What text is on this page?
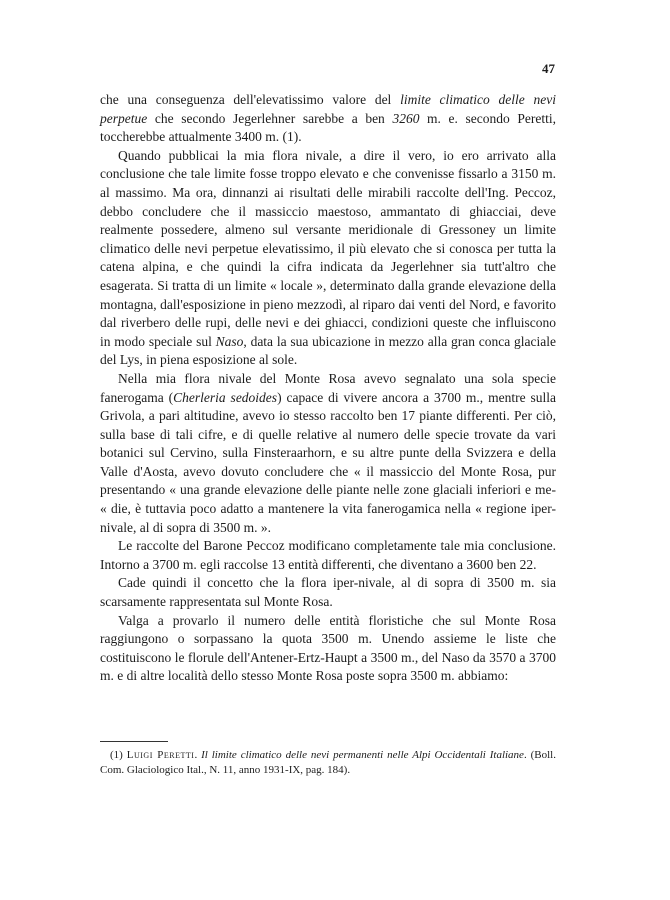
47

che una conseguenza dell'elevatissimo valore del limite climatico delle nevi perpetue che secondo Jegerlehner sarebbe a ben 3260 m. e. secondo Peretti, toccherebbe attualmente 3400 m. (1).

Quando pubblicai la mia flora nivale, a dire il vero, io ero arrivato alla conclusione che tale limite fosse troppo elevato e che convenisse fissarlo a 3150 m. al massimo. Ma ora, dinnanzi ai risultati delle mirabili raccolte dell'Ing. Peccoz, debbo concludere che il massiccio maestoso, ammantato di ghiacciai, deve realmente possedere, almeno sul versante meridionale di Gressoney un limite climatico delle nevi perpetue elevatissimo, il più elevato che si conosca per tutta la catena alpina, e che quindi la cifra indicata da Jegerlehner sia tutt'altro che esagerata. Si tratta di un limite « locale », determinato dalla grande elevazione della montagna, dall'esposizione in pieno mezzodì, al riparo dai venti del Nord, e favorito dal riverbero delle rupi, delle nevi e dei ghiacci, condizioni queste che influiscono in modo speciale sul Naso, data la sua ubicazione in mezzo alla gran conca glaciale del Lys, in piena esposizione al sole.

Nella mia flora nivale del Monte Rosa avevo segnalato una sola specie fanerogama (Cherleria sedoides) capace di vivere ancora a 3700 m., mentre sulla Grivola, a pari altitudine, avevo io stesso raccolto ben 17 piante differenti. Per ciò, sulla base di tali cifre, e di quelle relative al numero delle specie trovate da vari botanici sul Cervino, sulla Finsteraarhorn, e su altre punte della Svizzera e della Valle d'Aosta, avevo dovuto concludere che « il massiccio del Monte Rosa, pur presentando « una grande elevazione delle piante nelle zone glaciali inferiori e me- « die, è tuttavia poco adatto a mantenere la vita fanerogamica nella « regione iper-nivale, al di sopra di 3500 m. ».

Le raccolte del Barone Peccoz modificano completamente tale mia conclusione. Intorno a 3700 m. egli raccolse 13 entità differenti, che diventano a 3600 ben 22.

Cade quindi il concetto che la flora iper-nivale, al di sopra di 3500 m. sia scarsamente rappresentata sul Monte Rosa.

Valga a provarlo il numero delle entità floristiche che sul Monte Rosa raggiungono o sorpassano la quota 3500 m. Unendo assieme le liste che costituiscono le florule dell'Antener-Ertz-Haupt a 3500 m., del Naso da 3570 a 3700 m. e di altre località dello stesso Monte Rosa poste sopra 3500 m. abbiamo:

(1) Luigi Peretti. Il limite climatico delle nevi permanenti nelle Alpi Occidentali Italiane. (Boll. Com. Glaciologico Ital., N. 11, anno 1931-IX, pag. 184).
